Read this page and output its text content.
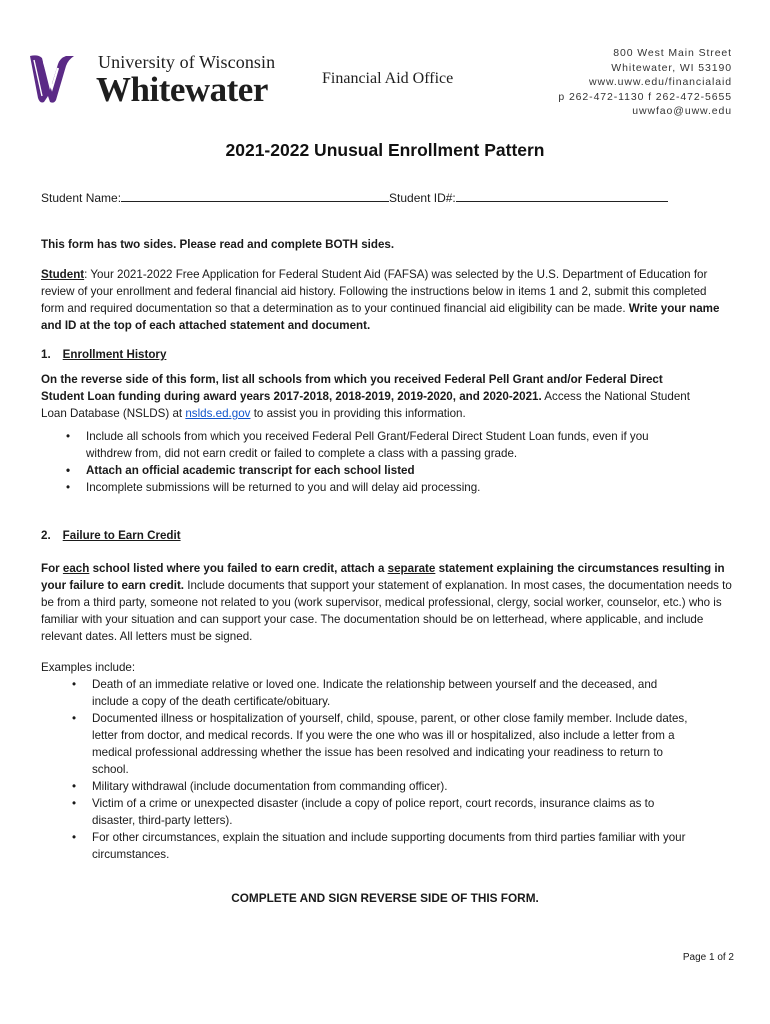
University of Wisconsin
Whitewater	Financial Aid Office
800 West Main Street
Whitewater, WI 53190
www.uww.edu/financialaid
p 262-472-1130 f 262-472-5655
uwwfao@uww.edu
2021-2022 Unusual Enrollment Pattern
Student Name:	Student ID#:
This form has two sides. Please read and complete BOTH sides.

Student: Your 2021-2022 Free Application for Federal Student Aid (FAFSA) was selected by the U.S. Department of Education for review of your enrollment and federal financial aid history. Following the instructions below in items 1 and 2, submit this completed form and required documentation so that a determination as to your continued financial aid eligibility can be made. Write your name and ID at the top of each attached statement and document.

1. Enrollment History

On the reverse side of this form, list all schools from which you received Federal Pell Grant and/or Federal Direct Student Loan funding during award years 2017-2018, 2018-2019, 2019-2020, and 2020-2021. Access the National Student Loan Database (NSLDS) at nslds.ed.gov to assist you in providing this information.

• Include all schools from which you received Federal Pell Grant/Federal Direct Student Loan funds, even if you withdrew from, did not earn credit or failed to complete a class with a passing grade.
• Attach an official academic transcript for each school listed
• Incomplete submissions will be returned to you and will delay aid processing.
2. Failure to Earn Credit

For each school listed where you failed to earn credit, attach a separate statement explaining the circumstances resulting in your failure to earn credit. Include documents that support your statement of explanation. In most cases, the documentation needs to be from a third party, someone not related to you (work supervisor, medical professional, clergy, social worker, counselor, etc.) who is familiar with your situation and can support your case. The documentation should be on letterhead, where applicable, and include relevant dates. All letters must be signed.

Examples include:
• Death of an immediate relative or loved one. Indicate the relationship between yourself and the deceased, and include a copy of the death certificate/obituary.
• Documented illness or hospitalization of yourself, child, spouse, parent, or other close family member. Include dates, letter from doctor, and medical records. If you were the one who was ill or hospitalized, also include a letter from a medical professional addressing whether the issue has been resolved and indicating your readiness to return to school.
• Military withdrawal (include documentation from commanding officer).
• Victim of a crime or unexpected disaster (include a copy of police report, court records, insurance claims as to disaster, third-party letters).
• For other circumstances, explain the situation and include supporting documents from third parties familiar with your circumstances.
COMPLETE AND SIGN REVERSE SIDE OF THIS FORM.
Page 1 of 2
